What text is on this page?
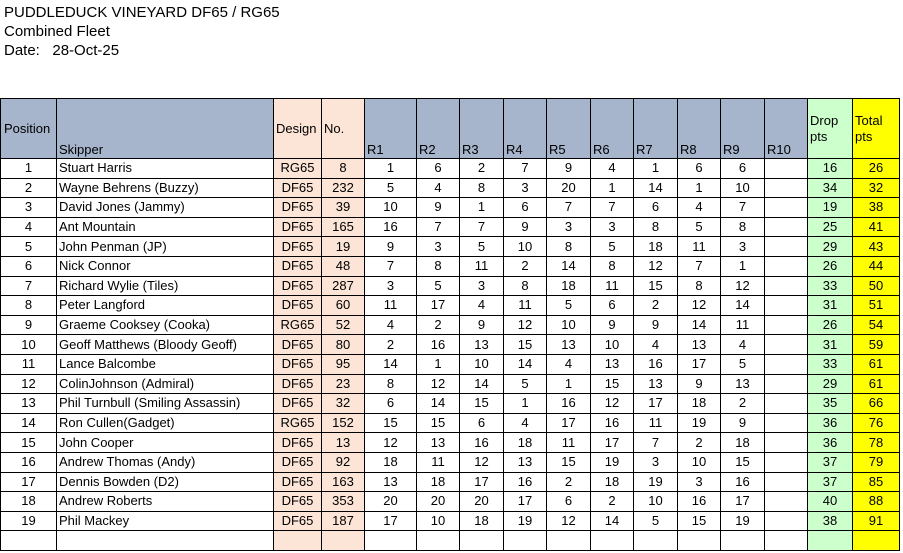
PUDDLEDUCK VINEYARD DF65 / RG65
Combined Fleet
Date: 28-Oct-25
Position	Skipper	Design	No.	R1	R2	R3	R4	R5	R6	R7	R8	R9	R10	Drop pts	Total pts
1	Stuart Harris	RG65	8	1	6	2	7	9	4	1	6	6		16	26
2	Wayne Behrens (Buzzy)	DF65	232	5	4	8	3	20	1	14	1	10		34	32
3	David Jones (Jammy)	DF65	39	10	9	1	6	7	7	6	4	7		19	38
4	Ant Mountain	DF65	165	16	7	7	9	3	3	8	5	8		25	41
5	John Penman (JP)	DF65	19	9	3	5	10	8	5	18	11	3		29	43
6	Nick Connor	DF65	48	7	8	11	2	14	8	12	7	1		26	44
7	Richard Wylie (Tiles)	DF65	287	3	5	3	8	18	11	15	8	12		33	50
8	Peter Langford	DF65	60	11	17	4	11	5	6	2	12	14		31	51
9	Graeme Cooksey (Cooka)	RG65	52	4	2	9	12	10	9	9	14	11		26	54
10	Geoff Matthews (Bloody Geoff)	DF65	80	2	16	13	15	13	10	4	13	4		31	59
11	Lance Balcombe	DF65	95	14	1	10	14	4	13	16	17	5		33	61
12	ColinJohnson (Admiral)	DF65	23	8	12	14	5	1	15	13	9	13		29	61
13	Phil Turnbull (Smiling Assassin)	DF65	32	6	14	15	1	16	12	17	18	2		35	66
14	Ron Cullen(Gadget)	RG65	152	15	15	6	4	17	16	11	19	9		36	76
15	John Cooper	DF65	13	12	13	16	18	11	17	7	2	18		36	78
16	Andrew Thomas (Andy)	DF65	92	18	11	12	13	15	19	3	10	15		37	79
17	Dennis Bowden (D2)	DF65	163	13	18	17	16	2	18	19	3	16		37	85
18	Andrew Roberts	DF65	353	20	20	20	17	6	2	10	16	17		40	88
19	Phil Mackey	DF65	187	17	10	18	19	12	14	5	15	19		38	91
